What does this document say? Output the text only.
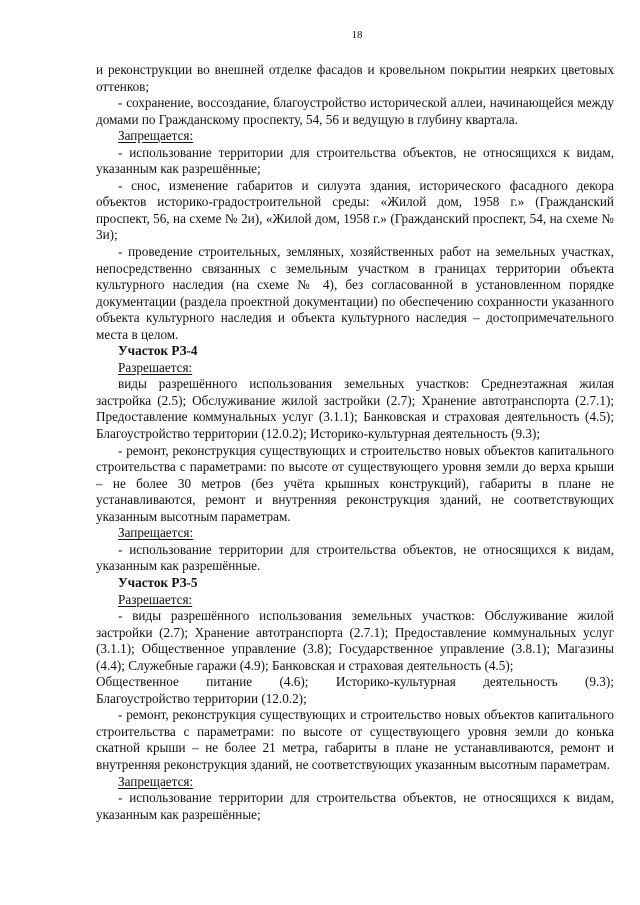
18

и реконструкции во внешней отделке фасадов и кровельном покрытии неярких цветовых оттенков;

- сохранение, воссоздание, благоустройство исторической аллеи, начинающейся между домами по Гражданскому проспекту, 54, 56 и ведущую в глубину квартала.

Запрещается:

- использование территории для строительства объектов, не относящихся к видам, указанным как разрешённые;

- снос, изменение габаритов и силуэта здания, исторического фасадного декора объектов историко-градостроительной среды: «Жилой дом, 1958 г.» (Гражданский проспект, 56, на схеме № 2и), «Жилой дом, 1958 г.» (Гражданский проспект, 54, на схеме № 3и);

- проведение строительных, земляных, хозяйственных работ на земельных участках, непосредственно связанных с земельным участком в границах территории объекта культурного наследия (на схеме № 4), без согласованной в установленном порядке документации (раздела проектной документации) по обеспечению сохранности указанного объекта культурного наследия и объекта культурного наследия – достопримечательного места в целом.

Участок РЗ-4

Разрешается:

виды разрешённого использования земельных участков: Среднеэтажная жилая застройка (2.5); Обслуживание жилой застройки (2.7); Хранение автотранспорта (2.7.1); Предоставление коммунальных услуг (3.1.1); Банковская и страховая деятельность (4.5); Благоустройство территории (12.0.2); Историко-культурная деятельность (9.3);

- ремонт, реконструкция существующих и строительство новых объектов капитального строительства с параметрами: по высоте от существующего уровня земли до верха крыши – не более 30 метров (без учёта крышных конструкций), габариты в плане не устанавливаются, ремонт и внутренняя реконструкция зданий, не соответствующих указанным высотным параметрам.

Запрещается:

- использование территории для строительства объектов, не относящихся к видам, указанным как разрешённые.

Участок РЗ-5

Разрешается:

- виды разрешённого использования земельных участков: Обслуживание жилой застройки (2.7); Хранение автотранспорта (2.7.1); Предоставление коммунальных услуг (3.1.1); Общественное управление (3.8); Государственное управление (3.8.1); Магазины (4.4); Служебные гаражи (4.9); Банковская и страховая деятельность (4.5);

Общественное питание (4.6); Историко-культурная деятельность (9.3);

Благоустройство территории (12.0.2);

- ремонт, реконструкция существующих и строительство новых объектов капитального строительства с параметрами: по высоте от существующего уровня земли до конька скатной крыши – не более 21 метра, габариты в плане не устанавливаются, ремонт и внутренняя реконструкция зданий, не соответствующих указанным высотным параметрам.

Запрещается:

- использование территории для строительства объектов, не относящихся к видам, указанным как разрешённые;
